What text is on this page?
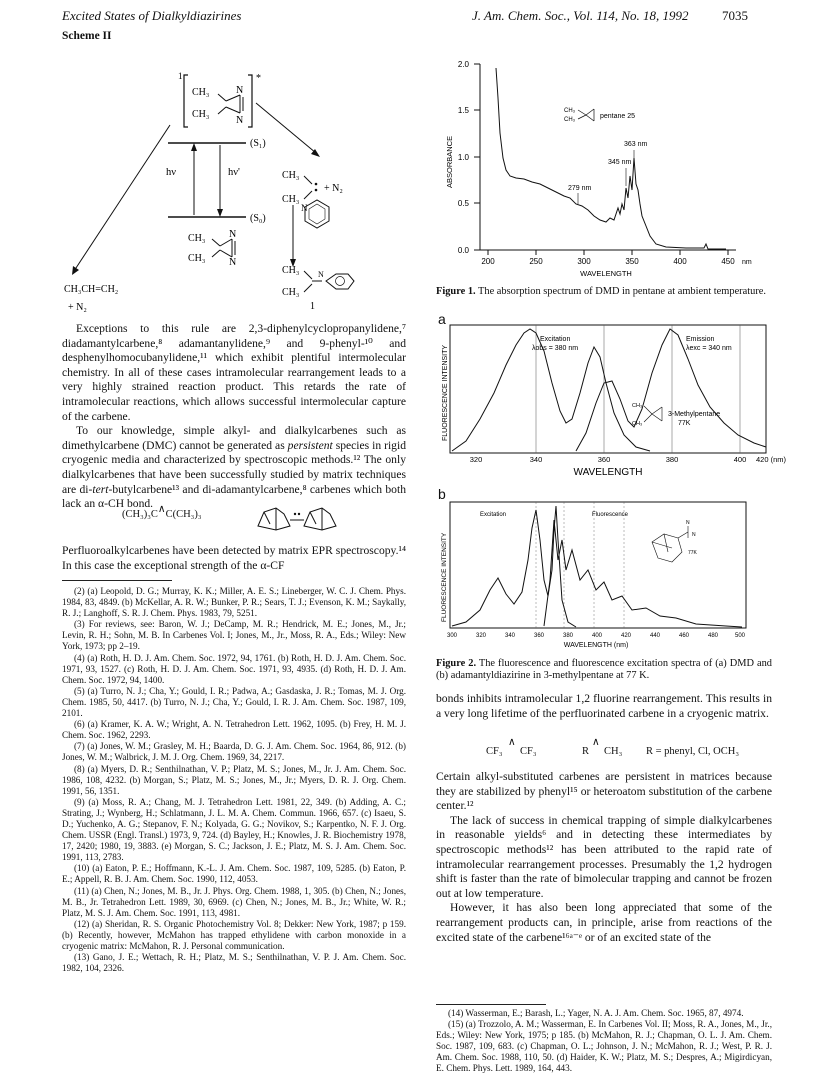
Excited States of Dialkyldiazirines	J. Am. Chem. Soc., Vol. 114, No. 18, 1992	7035
Scheme II
1	*
CH₃
CH₃
N
N
(S₁)
(S₀)
hν	hν'
CH₃
CH₃
N
N
CH₃CH=CH₂
+ N₂
CH₃
CH₃
+ N₂
N
CH₃
CH₃
N
1

Exceptions to this rule are 2,3-diphenylcyclopropanylidene,⁷ diadamantylcarbene,⁸ adamantanylidene,⁹ and 9-phenyl-¹⁰ and desphenylhomocubanylidene,¹¹ which exhibit plentiful intermolecular chemistry. In all of these cases intramolecular rearrangement leads to a very highly strained reaction product. This retards the rate of intramolecular reactions, which allows successful intermolecular capture of the carbene.

To our knowledge, simple alkyl- and dialkylcarbenes such as dimethylcarbene (DMC) cannot be generated as persistent species in rigid cryogenic media and characterized by spectroscopic methods.¹² The only dialkylcarbenes that have been successfully studied by matrix techniques are di-tert-butylcarbene¹³ and di-adamantylcarbene,⁸ carbenes which both lack an α-CH bond.

(CH₃)₃C∧C(CH₃)₃

Perfluoroalkylcarbenes have been detected by matrix EPR spectroscopy.¹⁴ In this case the exceptional strength of the α-CF

(2) (a) Leopold, D. G.; Murray, K. K.; Miller, A. E. S.; Lineberger, W. C. J. Chem. Phys. 1984, 83, 4849. (b) McKellar, A. R. W.; Bunker, P. R.; Sears, T. J.; Evenson, K. M.; Saykally, R. J.; Langhoff, S. R. J. Chem. Phys. 1983, 79, 5251.

(3) For reviews, see: Baron, W. J.; DeCamp, M. R.; Hendrick, M. E.; Jones, M., Jr.; Levin, R. H.; Sohn, M. B. In Carbenes Vol. I; Jones, M., Jr., Moss, R. A., Eds.; Wiley: New York, 1973; pp 2–19.

(4) (a) Roth, H. D. J. Am. Chem. Soc. 1972, 94, 1761. (b) Roth, H. D. J. Am. Chem. Soc. 1971, 93, 1527. (c) Roth, H. D. J. Am. Chem. Soc. 1971, 93, 4935. (d) Roth, H. D. J. Am. Chem. Soc. 1972, 94, 1400.

(5) (a) Turro, N. J.; Cha, Y.; Gould, I. R.; Padwa, A.; Gasdaska, J. R.; Tomas, M. J. Org. Chem. 1985, 50, 4417. (b) Turro, N. J.; Cha, Y.; Gould, I. R. J. Am. Chem. Soc. 1987, 109, 2101.

(6) (a) Kramer, K. A. W.; Wright, A. N. Tetrahedron Lett. 1962, 1095. (b) Frey, H. M. J. Chem. Soc. 1962, 2293.

(7) (a) Jones, W. M.; Grasley, M. H.; Baarda, D. G. J. Am. Chem. Soc. 1964, 86, 912. (b) Jones, W. M.; Walbrick, J. M. J. Org. Chem. 1969, 34, 2217.

(8) (a) Myers, D. R.; Senthilnathan, V. P.; Platz, M. S.; Jones, M., Jr. J. Am. Chem. Soc. 1986, 108, 4232. (b) Morgan, S.; Platz, M. S.; Jones, M., Jr.; Myers, D. R. J. Org. Chem. 1991, 56, 1351.

(9) (a) Moss, R. A.; Chang, M. J. Tetrahedron Lett. 1981, 22, 349. (b) Adding, A. C.; Strating, J.; Wynberg, H.; Schlatmann, J. L. M. A. Chem. Commun. 1966, 657. (c) Isaeu, S. D.; Yuchenko, A. G.; Stepanov, F. N.; Kolyada, G. G.; Novikov, S.; Karpentko, N. F. J. Org. Chem. USSR (Engl. Transl.) 1973, 9, 724. (d) Bayley, H.; Knowles, J. R. Biochemistry 1978, 17, 2420; 1980, 19, 3883. (e) Morgan, S. C.; Jackson, J. E.; Platz, M. S. J. Am. Chem. Soc. 1991, 113, 2783.

(10) (a) Eaton, P. E.; Hoffmann, K.-L. J. Am. Chem. Soc. 1987, 109, 5285. (b) Eaton, P. E.; Appell, R. B. J. Am. Chem. Soc. 1990, 112, 4053.

(11) (a) Chen, N.; Jones, M. B., Jr. J. Phys. Org. Chem. 1988, 1, 305. (b) Chen, N.; Jones, M. B., Jr. Tetrahedron Lett. 1989, 30, 6969. (c) Chen, N.; Jones, M. B., Jr.; White, W. R.; Platz, M. S. J. Am. Chem. Soc. 1991, 113, 4981.

(12) (a) Sheridan, R. S. Organic Photochemistry Vol. 8; Dekker: New York, 1987; p 159. (b) Recently, however, McMahon has trapped ethylidene with carbon monoxide in a cryogenic matrix: McMahon, R. J. Personal communication.

(13) Gano, J. E.; Wettach, R. H.; Platz, M. S.; Senthilnathan, V. P. J. Am. Chem. Soc. 1982, 104, 2326.

0.0
0.5
1.0
1.5
2.0
ABSORBANCE
200	250	300	350	400	450 nm
WAVELENGTH
CH₃
CH₃	pentane 25
363 nm
345 nm
279 nm
Figure 1. The absorption spectrum of DMD in pentane at ambient temperature.
a
FLUORESCENCE INTENSITY
320	340	360	380	400 420 (nm)
WAVELENGTH
Excitation
λobs = 380 nm
Emission
λexc = 340 nm
CH₃
CH₃
3-Methylpentane
77K
b
FLUORESCENCE INTENSITY
300	320	340	360	380	400	420	440	460	480	500
WAVELENGTH (nm)
Excitation	Fluorescence
N
N
77K
Figure 2. The fluorescence and fluorescence excitation spectra of (a) DMD and (b) adamantyldiazirine in 3-methylpentane at 77 K.

bonds inhibits intramolecular 1,2 fluorine rearrangement. This results in a very long lifetime of the perfluorinated carbene in a cryogenic matrix.

CF₃
∧
CF₃	R
∧
CH₃ R = phenyl, Cl, OCH₃

Certain alkyl-substituted carbenes are persistent in matrices because they are stabilized by phenyl¹⁵ or heteroatom substitution of the carbene center.¹²

The lack of success in chemical trapping of simple dialkylcarbenes in reasonable yields⁶ and in detecting these intermediates by spectroscopic methods¹² has been attributed to the rapid rate of intramolecular rearrangement processes. Presumably the 1,2 hydrogen shift is faster than the rate of bimolecular trapping and cannot be frozen out at low temperature.

However, it has also been long appreciated that some of the rearrangement products can, in principle, arise from reactions of the excited state of the carbene¹⁶ᵃ⁻ᵉ or of an excited state of the

(14) Wasserman, E.; Barash, L.; Yager, N. A. J. Am. Chem. Soc. 1965, 87, 4974.

(15) (a) Trozzolo, A. M.; Wasserman, E. In Carbenes Vol. II; Moss, R. A., Jones, M., Jr., Eds.; Wiley: New York, 1975; p 185. (b) McMahon, R. J.; Chapman, O. L. J. Am. Chem. Soc. 1987, 109, 683. (c) Chapman, O. L.; Johnson, J. N.; McMahon, R. J.; West, P. R. J. Am. Chem. Soc. 1988, 110, 50. (d) Haider, K. W.; Platz, M. S.; Despres, A.; Migirdicyan, E. Chem. Phys. Lett. 1989, 164, 443.
